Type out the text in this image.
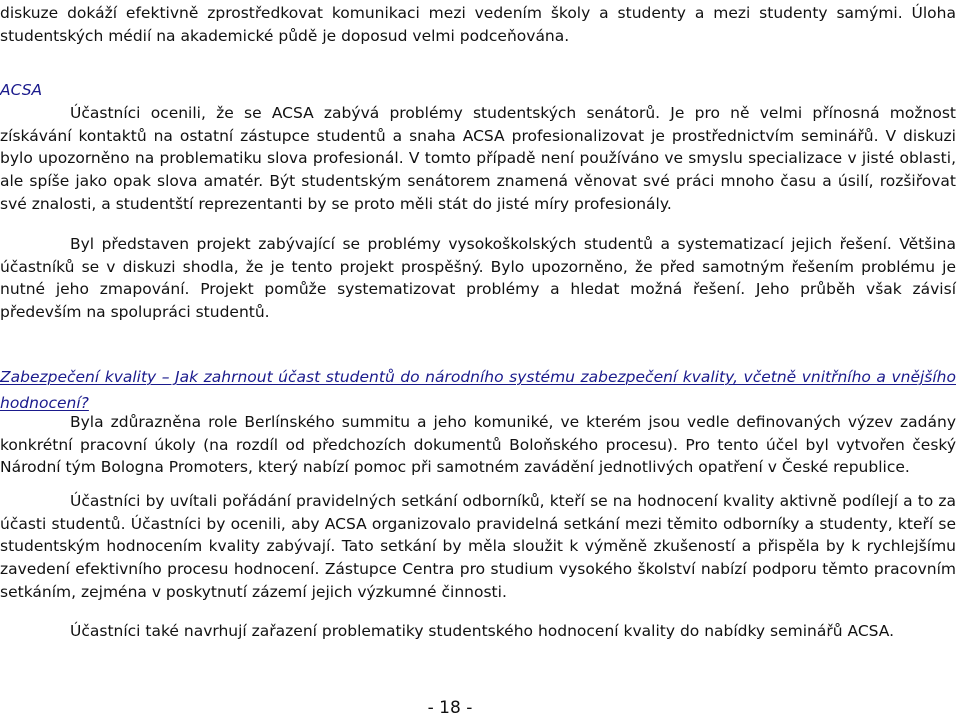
diskuze dokáží efektivně zprostředkovat komunikaci mezi vedením školy a studenty a mezi studenty samými. Úloha studentských médií na akademické půdě je doposud velmi podceňována.

ACSA

Účastníci ocenili, že se ACSA zabývá problémy studentských senátorů. Je pro ně velmi přínosná možnost získávání kontaktů na ostatní zástupce studentů a snaha ACSA profesionalizovat je prostřednictvím seminářů. V diskuzi bylo upozorněno na problematiku slova profesionál. V tomto případě není používáno ve smyslu specializace v jisté oblasti, ale spíše jako opak slova amatér. Být studentským senátorem znamená věnovat své práci mnoho času a úsilí, rozšiřovat své znalosti, a studentští reprezentanti by se proto měli stát do jisté míry profesionály.

Byl představen projekt zabývající se problémy vysokoškolských studentů a systematizací jejich řešení. Většina účastníků se v diskuzi shodla, že je tento projekt prospěšný. Bylo upozorněno, že před samotným řešením problému je nutné jeho zmapování. Projekt pomůže systematizovat problémy a hledat možná řešení. Jeho průběh však závisí především na spolupráci studentů.

Zabezpečení kvality – Jak zahrnout účast studentů do národního systému zabezpečení kvality, včetně vnitřního a vnějšího hodnocení?

Byla zdůrazněna role Berlínského summitu a jeho komuniké, ve kterém jsou vedle definovaných výzev zadány konkrétní pracovní úkoly (na rozdíl od předchozích dokumentů Boloňského procesu). Pro tento účel byl vytvořen český Národní tým Bologna Promoters, který nabízí pomoc při samotném zavádění jednotlivých opatření v České republice.

Účastníci by uvítali pořádání pravidelných setkání odborníků, kteří se na hodnocení kvality aktivně podílejí a to za účasti studentů. Účastníci by ocenili, aby ACSA organizovalo pravidelná setkání mezi těmito odborníky a studenty, kteří se studentským hodnocením kvality zabývají. Tato setkání by měla sloužit k výměně zkušeností a přispěla by k rychlejšímu zavedení efektivního procesu hodnocení. Zástupce Centra pro studium vysokého školství nabízí podporu těmto pracovním setkáním, zejména v poskytnutí zázemí jejich výzkumné činnosti.

Účastníci také navrhují zařazení problematiky studentského hodnocení kvality do nabídky seminářů ACSA.

- 18 -
